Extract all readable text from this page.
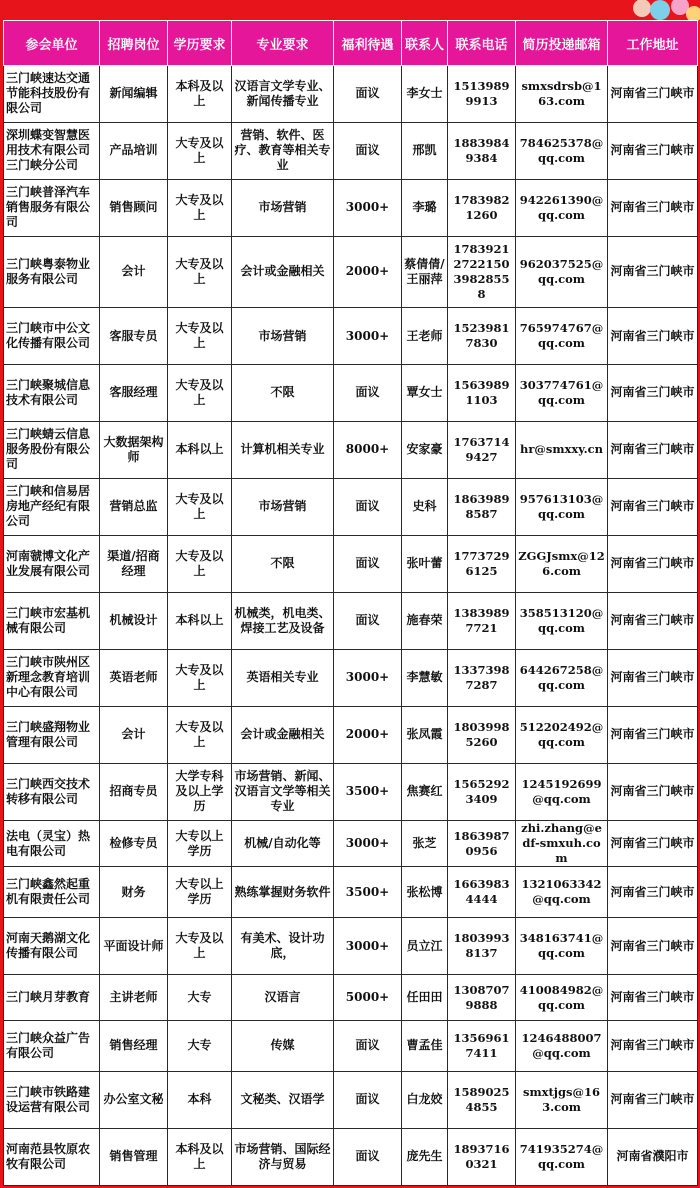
参会单位	招聘岗位	学历要求	专业要求	福利待遇	联系人	联系电话	简历投递邮箱	工作地址
三门峡速达交通节能科技股份有限公司	新闻编辑	本科及以上	汉语言文学专业、新闻传播专业	面议	李女士	15139899913	smxsdrsb@163.com	河南省三门峡市
深圳蝶变智慧医用技术有限公司三门峡分公司	产品培训	大专及以上	营销、软件、医疗、教育等相关专业	面议	邢凯	18839849384	784625378@qq.com	河南省三门峡市
三门峡普泽汽车销售服务有限公司	销售顾问	大专及以上	市场营销	3000+	李璐	17839821260	942261390@qq.com	河南省三门峡市
三门峡粤泰物业服务有限公司	会计	大专及以上	会计或金融相关	2000+	蔡倩倩/王丽萍	1783921272215039828558	962037525@qq.com	河南省三门峡市
三门峡市中公文化传播有限公司	客服专员	大专及以上	市场营销	3000+	王老师	15239817830	765974767@qq.com	河南省三门峡市
三门峡聚城信息技术有限公司	客服经理	大专及以上	不限	面议	覃女士	15639891103	303774761@qq.com	河南省三门峡市
三门峡蜻云信息服务股份有限公司	大数据架构师	本科以上	计算机相关专业	8000+	安家豪	17637149427	hr@smxxy.cn	河南省三门峡市
三门峡和信易居房地产经纪有限公司	营销总监	大专及以上	市场营销	面议	史科	18639898587	957613103@qq.com	河南省三门峡市
河南虢博文化产业发展有限公司	渠道/招商经理	大专及以上	不限	面议	张叶蕾	17737296125	ZGGJsmx@126.com	河南省三门峡市
三门峡市宏基机械有限公司	机械设计	本科以上	机械类，机电类、焊接工艺及设备	面议	施春荣	13839897721	358513120@qq.com	河南省三门峡市
三门峡市陕州区新理念教育培训中心有限公司	英语老师	大专及以上	英语相关专业	3000+	李慧敏	13373987287	644267258@qq.com	河南省三门峡市
三门峡盛翔物业管理有限公司	会计	大专及以上	会计或金融相关	2000+	张凤霞	18039985260	512202492@qq.com	河南省三门峡市
三门峡西交技术转移有限公司	招商专员	大学专科及以上学历	市场营销、新闻、汉语言文学等相关专业	3500+	焦赛红	15652923409	1245192699@qq.com	河南省三门峡市
法电（灵宝）热电有限公司	检修专员	大专以上学历	机械/自动化等	3000+	张芝	18639870956	zhi.zhang@edf-smxuh.com	河南省三门峡市
三门峡鑫然起重机有限责任公司	财务	大专以上学历	熟练掌握财务软件	3500+	张松博	16639834444	1321063342@qq.com	河南省三门峡市
河南天鹅湖文化传播有限公司	平面设计师	大专及以上	有美术、设计功底，	3000+	员立江	18039938137	348163741@qq.com	河南省三门峡市
三门峡月芽教育	主讲老师	大专	汉语言	5000+	任田田	13087079888	410084982@qq.com	河南省三门峡市
三门峡众益广告有限公司	销售经理	大专	传媒	面议	曹孟佳	13569617411	1246488007@qq.com	河南省三门峡市
三门峡市铁路建设运营有限公司	办公室文秘	本科	文秘类、汉语学	面议	白龙姣	15890254855	smxtjgs@163.com	河南省三门峡市
河南范县牧原农牧有限公司	销售管理	本科及以上	市场营销、国际经济与贸易	面议	庞先生	18937160321	741935274@qq.com	河南省濮阳市
